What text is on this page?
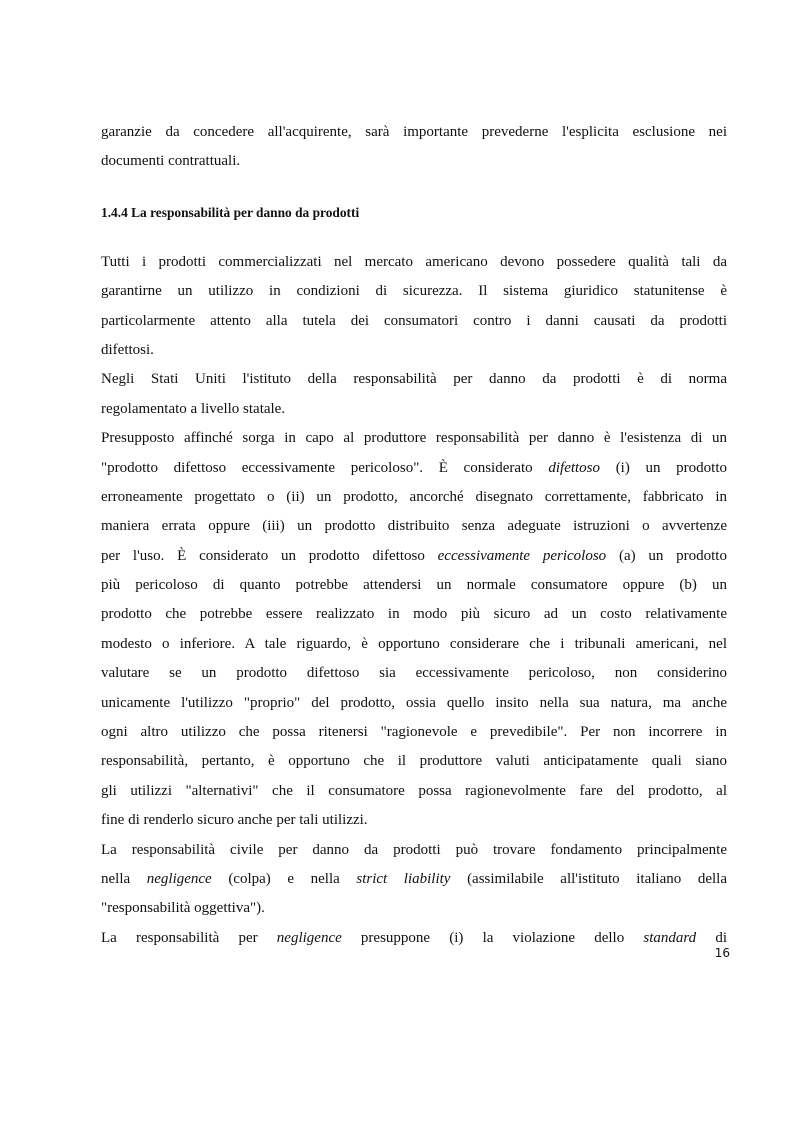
garanzie da concedere all'acquirente, sarà importante prevederne l'esplicita esclusione nei
documenti contrattuali.
1.4.4 La responsabilità per danno da prodotti
Tutti i prodotti commercializzati nel mercato americano devono possedere qualità tali da
garantirne un utilizzo in condizioni di sicurezza. Il sistema giuridico statunitense è
particolarmente attento alla tutela dei consumatori contro i danni causati da prodotti
difettosi.
Negli Stati Uniti l'istituto della responsabilità per danno da prodotti è di norma
regolamentato a livello statale.
Presupposto affinché sorga in capo al produttore responsabilità per danno è l'esistenza di un
"prodotto difettoso eccessivamente pericoloso". È considerato difettoso (i) un prodotto
erroneamente progettato o (ii) un prodotto, ancorché disegnato correttamente, fabbricato in
maniera errata oppure (iii) un prodotto distribuito senza adeguate istruzioni o avvertenze
per l'uso. È considerato un prodotto difettoso eccessivamente pericoloso (a) un prodotto
più pericoloso di quanto potrebbe attendersi un normale consumatore oppure (b) un
prodotto che potrebbe essere realizzato in modo più sicuro ad un costo relativamente
modesto o inferiore. A tale riguardo, è opportuno considerare che i tribunali americani, nel
valutare se un prodotto difettoso sia eccessivamente pericoloso, non considerino
unicamente l'utilizzo "proprio" del prodotto, ossia quello insito nella sua natura, ma anche
ogni altro utilizzo che possa ritenersi "ragionevole e prevedibile". Per non incorrere in
responsabilità, pertanto, è opportuno che il produttore valuti anticipatamente quali siano
gli utilizzi "alternativi" che il consumatore possa ragionevolmente fare del prodotto, al
fine di renderlo sicuro anche per tali utilizzi.
La responsabilità civile per danno da prodotti può trovare fondamento principalmente
nella negligence (colpa) e nella strict liability (assimilabile all'istituto italiano della
"responsabilità oggettiva").
La responsabilità per negligence presuppone (i) la violazione dello standard di
16
